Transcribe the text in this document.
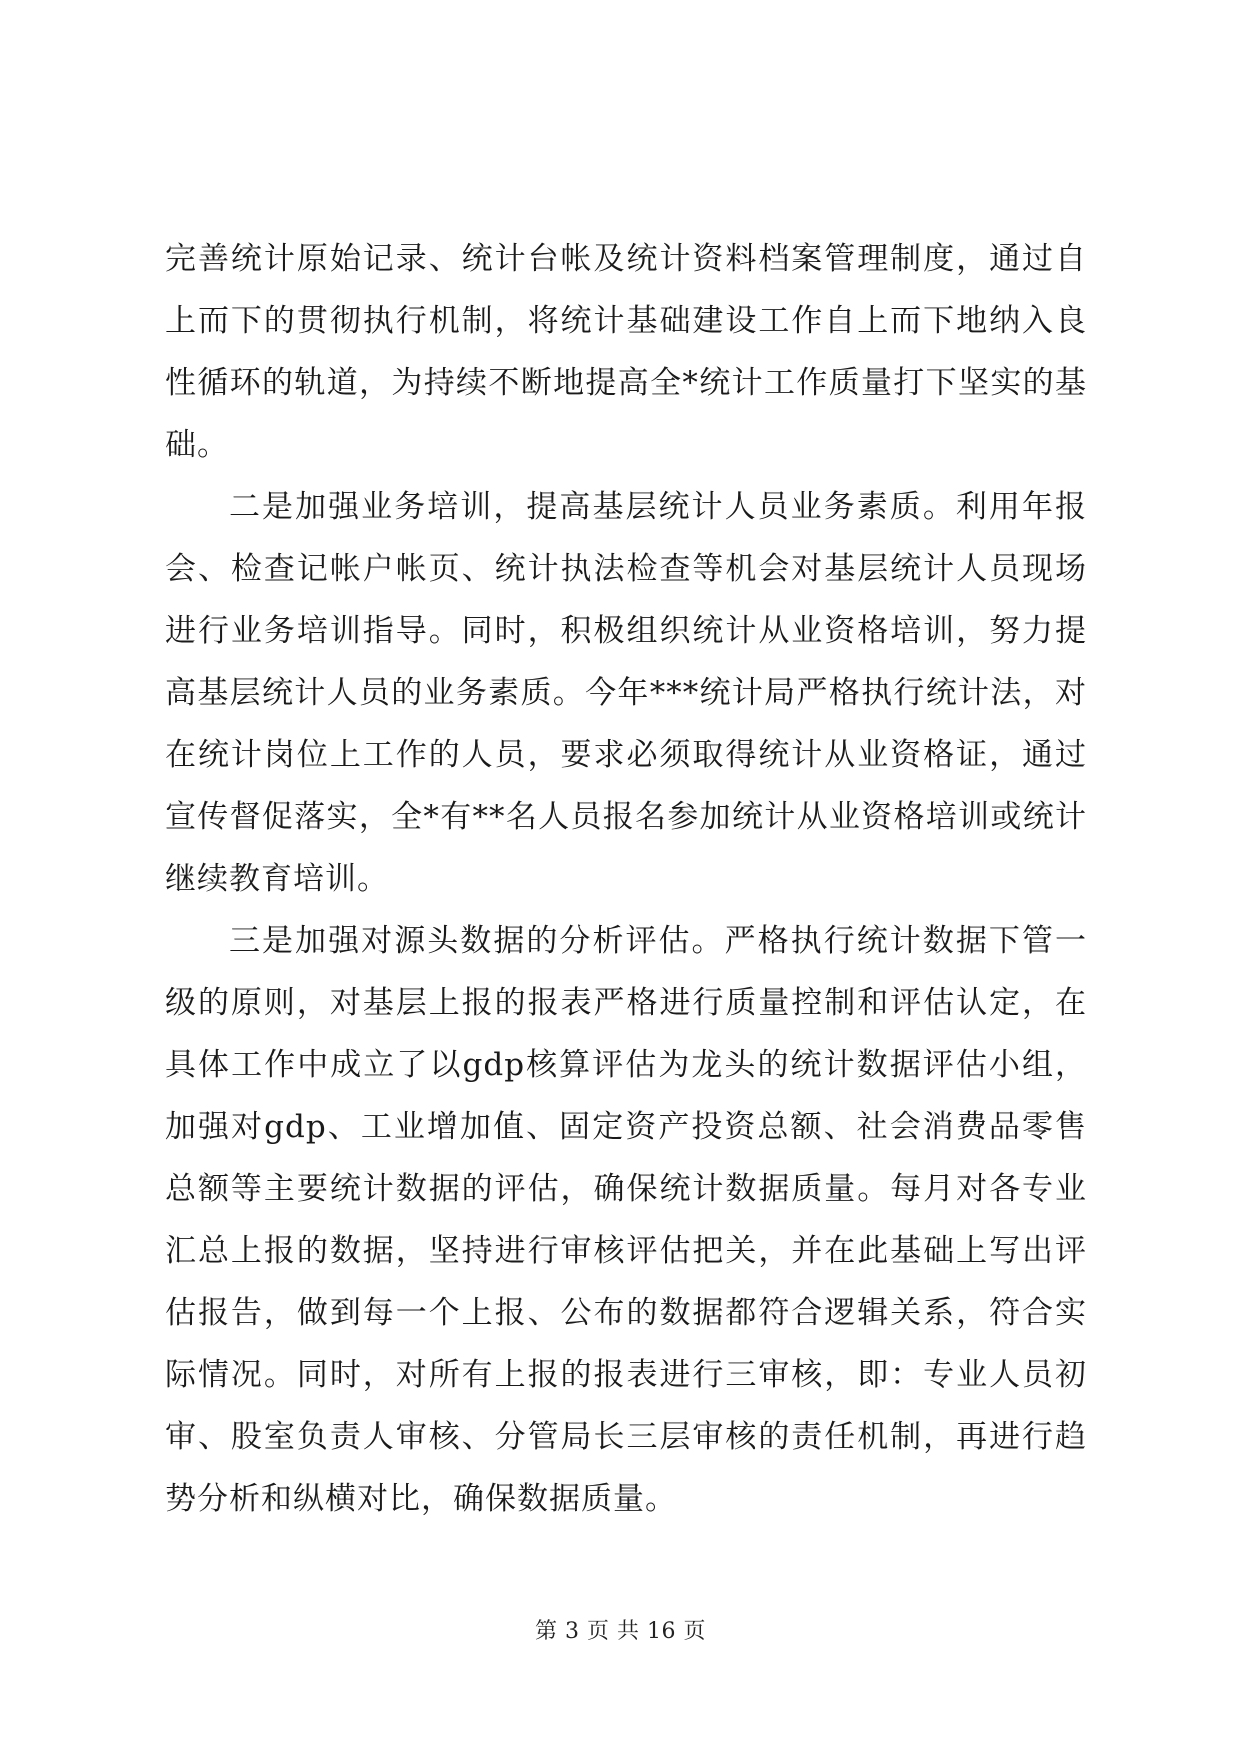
完善统计原始记录、统计台帐及统计资料档案管理制度，通过自上而下的贯彻执行机制，将统计基础建设工作自上而下地纳入良性循环的轨道，为持续不断地提高全*统计工作质量打下坚实的基础。

二是加强业务培训，提高基层统计人员业务素质。利用年报会、检查记帐户帐页、统计执法检查等机会对基层统计人员现场进行业务培训指导。同时，积极组织统计从业资格培训，努力提高基层统计人员的业务素质。今年***统计局严格执行统计法，对在统计岗位上工作的人员，要求必须取得统计从业资格证，通过宣传督促落实，全*有**名人员报名参加统计从业资格培训或统计继续教育培训。

三是加强对源头数据的分析评估。严格执行统计数据下管一级的原则，对基层上报的报表严格进行质量控制和评估认定，在具体工作中成立了以gdp核算评估为龙头的统计数据评估小组，加强对gdp、工业增加值、固定资产投资总额、社会消费品零售总额等主要统计数据的评估，确保统计数据质量。每月对各专业汇总上报的数据，坚持进行审核评估把关，并在此基础上写出评估报告，做到每一个上报、公布的数据都符合逻辑关系，符合实际情况。同时，对所有上报的报表进行三审核，即：专业人员初审、股室负责人审核、分管局长三层审核的责任机制，再进行趋势分析和纵横对比，确保数据质量。

第 3 页 共 16 页
